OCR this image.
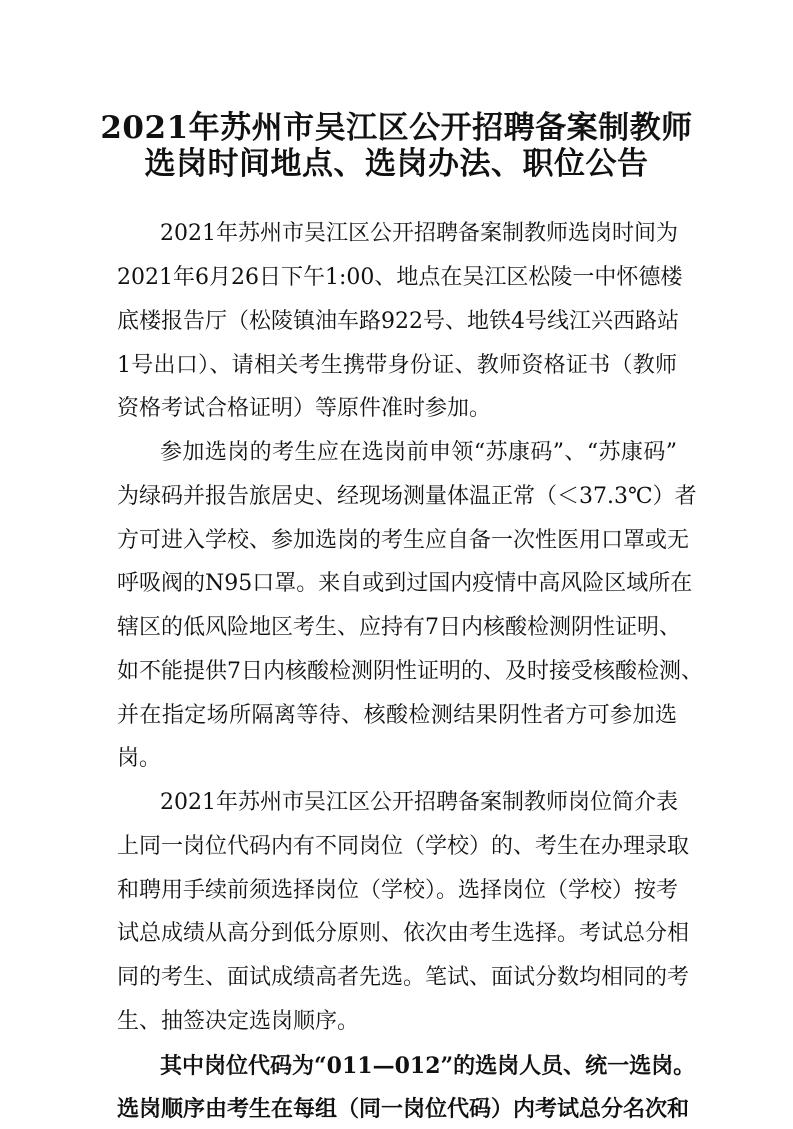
2021年苏州市吴江区公开招聘备案制教师
选岗时间地点、选岗办法、职位公告

2021年苏州市吴江区公开招聘备案制教师选岗时间为

2021年6月26日下午1:00、地点在吴江区松陵一中怀德楼

底楼报告厅（松陵镇油车路922号、地铁4号线江兴西路站

1号出口）、请相关考生携带身份证、教师资格证书（教师

资格考试合格证明）等原件准时参加。

参加选岗的考生应在选岗前申领“苏康码”、“苏康码”

为绿码并报告旅居史、经现场测量体温正常（＜37.3℃）者

方可进入学校、参加选岗的考生应自备一次性医用口罩或无

呼吸阀的N95口罩。来自或到过国内疫情中高风险区域所在

辖区的低风险地区考生、应持有7日内核酸检测阴性证明、

如不能提供7日内核酸检测阴性证明的、及时接受核酸检测、

并在指定场所隔离等待、核酸检测结果阴性者方可参加选

岗。

2021年苏州市吴江区公开招聘备案制教师岗位简介表

上同一岗位代码内有不同岗位（学校）的、考生在办理录取

和聘用手续前须选择岗位（学校）。选择岗位（学校）按考

试总成绩从高分到低分原则、依次由考生选择。考试总分相

同的考生、面试成绩高者先选。笔试、面试分数均相同的考

生、抽签决定选岗顺序。

其中岗位代码为“011—012”的选岗人员、统一选岗。

选岗顺序由考生在每组（同一岗位代码）内考试总分名次和
